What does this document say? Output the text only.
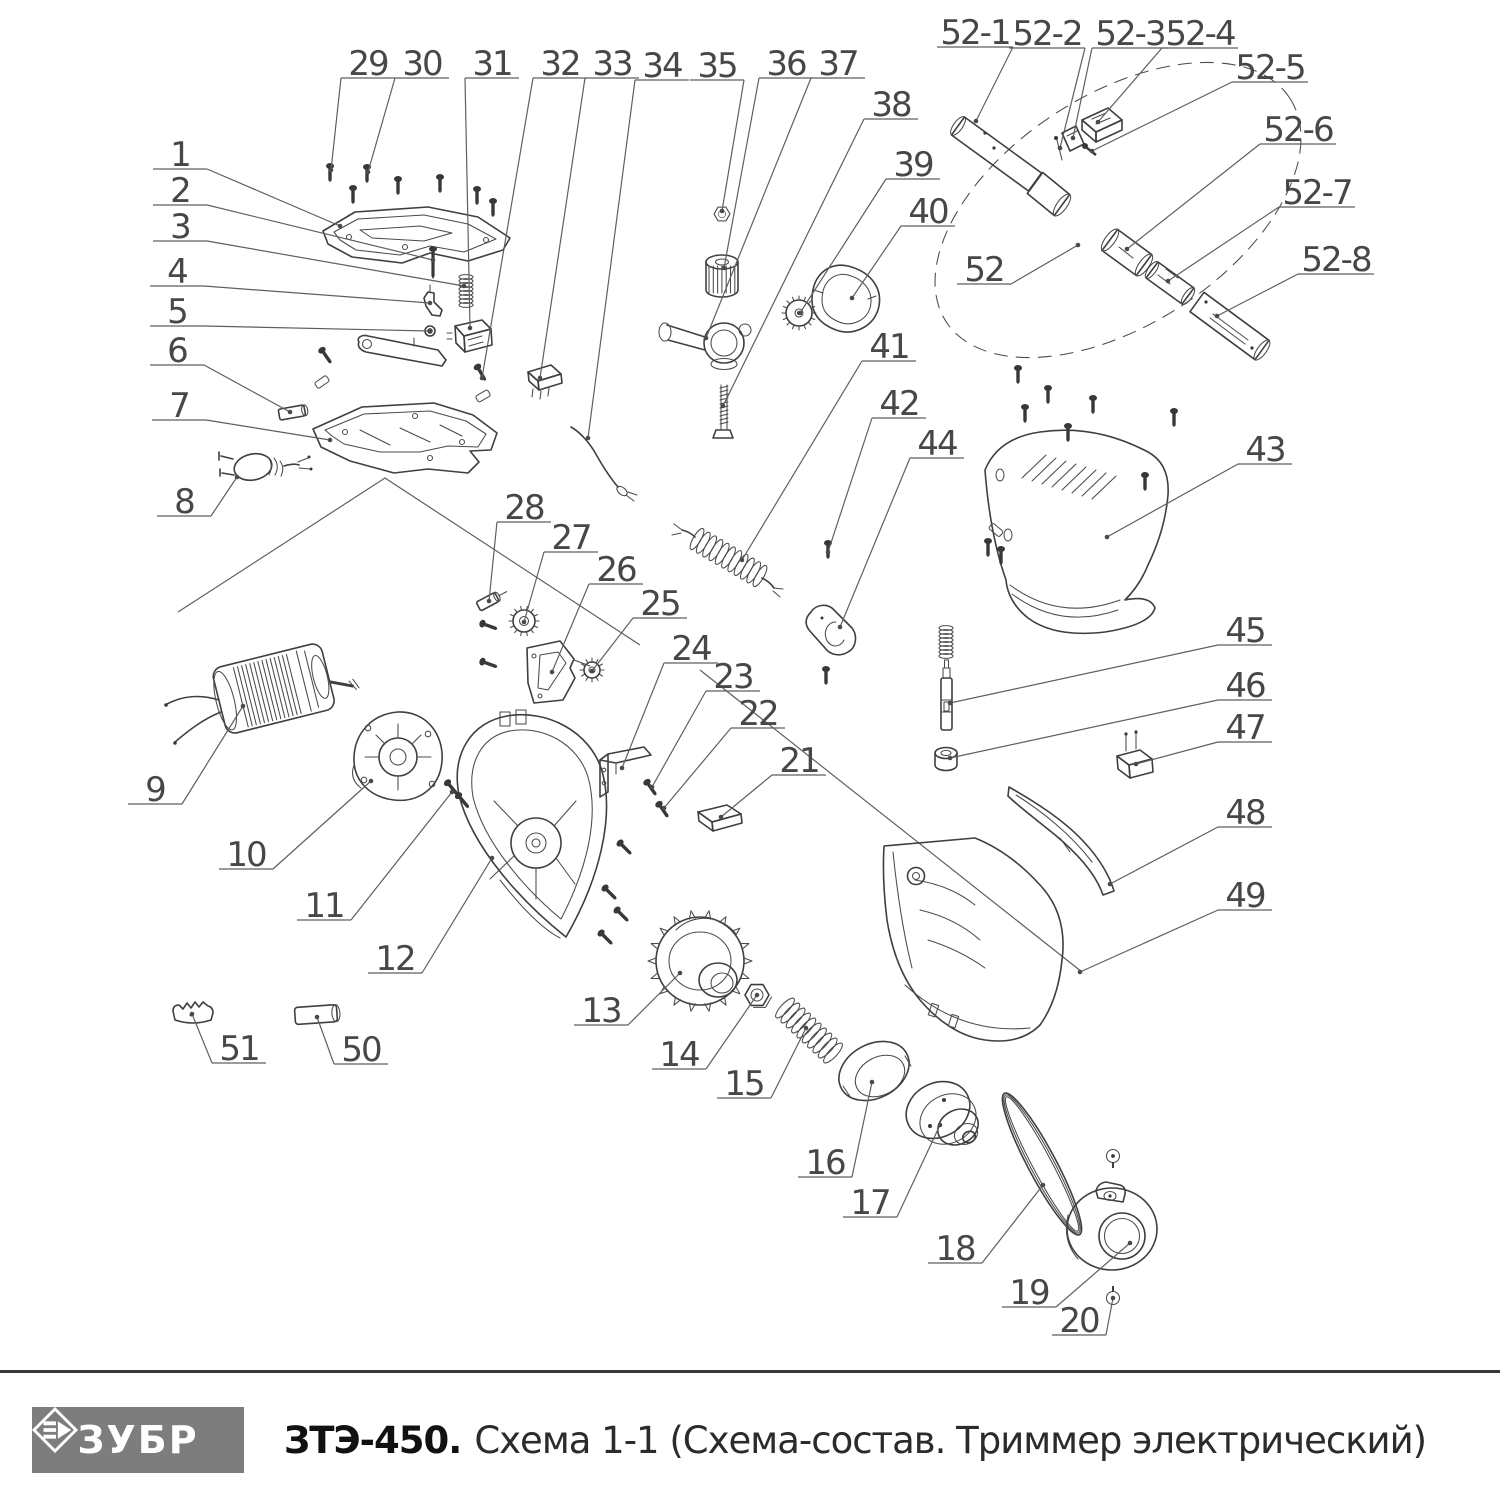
1
2
3
4
5
6
7
8
9
10
11
12
13
14
15
16
17
18
19
20
21
22
23
24
25
26
27
28
29 30 31 32 33 34 35 36 37
38
39
40
41
42
43
44
45
46
47
48
49
50
51
52
52-1 52-2 52-3 52-4
52-5
52-6
52-7
52-8
ЗУБР ЗТЭ-450. Схема 1-1 (Схема-состав. Триммер электрический)
